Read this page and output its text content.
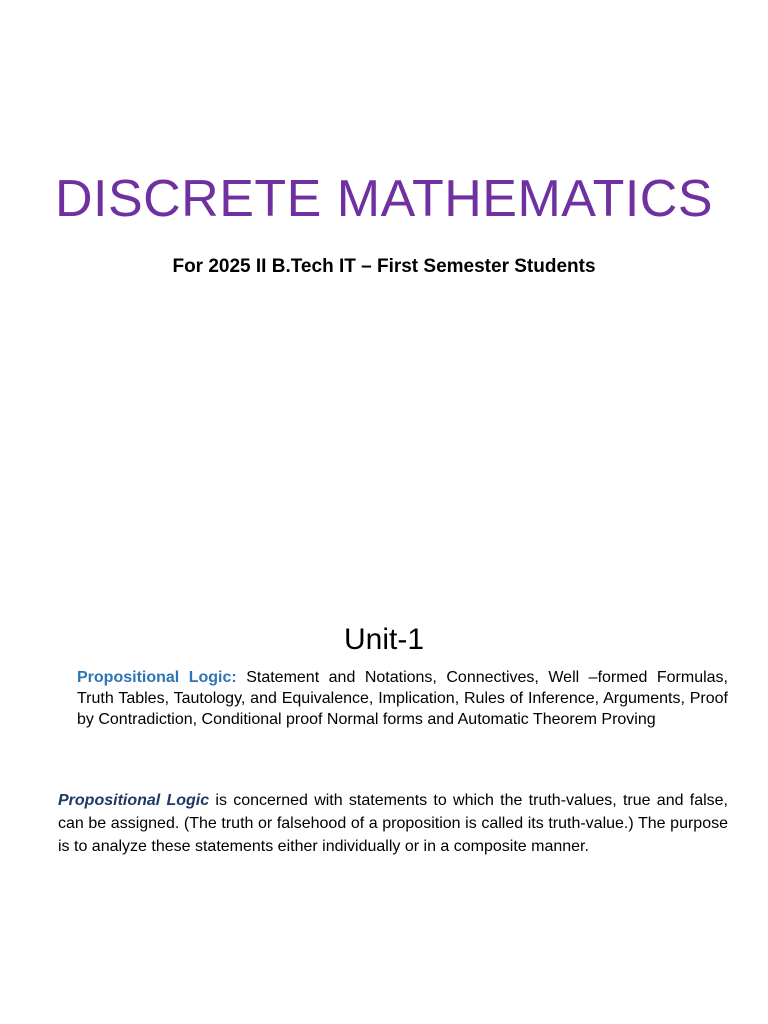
DISCRETE MATHEMATICS
For 2025 II B.Tech IT – First Semester Students
Unit-1

Propositional Logic: Statement and Notations, Connectives, Well –formed Formulas, Truth Tables, Tautology, and Equivalence, Implication, Rules of Inference, Arguments, Proof by Contradiction, Conditional proof Normal forms and Automatic Theorem Proving

Propositional Logic is concerned with statements to which the truth-values, true and false, can be assigned. (The truth or falsehood of a proposition is called its truth-value.) The purpose is to analyze these statements either individually or in a composite manner.
